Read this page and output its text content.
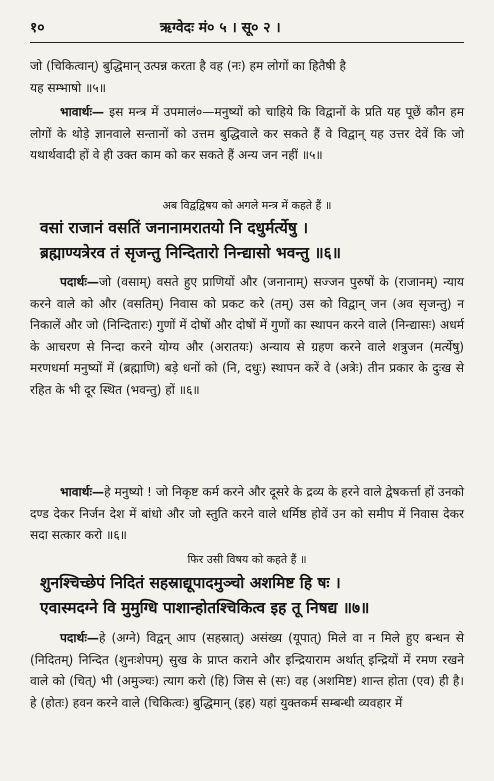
१०	ऋग्वेदः मं० ५ । सू० २ ।

जो (चिकित्वान्) बुद्धिमान् उत्पन्न करता है वह (नः) हम लोगों का हितैषी है

यह सम्भाषो ॥५॥

भावार्थः— इस मन्त्र में उपमालं०—मनुष्यों को चाहिये कि विद्वानों के प्रति यह पूछें कौन हम लोगों के थोड़े ज्ञानवाले सन्तानों को उत्तम बुद्धिवाले कर सकते हैं वे विद्वान् यह उत्तर देवें कि जो यथार्थवादी हों वे ही उक्त काम को कर सकते हैं अन्य जन नहीं ॥५॥

अब विद्वद्विषय को अगले मन्त्र में कहते हैं ॥
वसां राजानं वसतिं जनानामरातयो नि दधुर्मर्त्येषु ।
ब्रह्माण्यत्रेरव तं सृजन्तु निन्दितारो निन्द्यासो भवन्तु ॥६॥

पदार्थः—जो (वसाम्) वसते हुए प्राणियों और (जनानाम्) सज्जन पुरुषों के (राजानम्) न्याय करने वाले को और (वसतिम्) निवास को प्रकट करे (तम्) उस को विद्वान् जन (अव सृजन्तु) न निकालें और जो (निन्दितारः) गुणों में दोषों और दोषों में गुणों का स्थापन करने वाले (निन्द्यासः) अधर्म के आचरण से निन्दा करने योग्य और (अरातयः) अन्याय से ग्रहण करने वाले शत्रुजन (मर्त्येषु) मरणधर्मा मनुष्यों में (ब्रह्माणि) बड़े धनों को (नि, दधुः) स्थापन करें वे (अत्रेः) तीन प्रकार के दुःख से रहित के भी दूर स्थित (भवन्तु) हों ॥६॥

भावार्थः—हे मनुष्यो ! जो निकृष्ट कर्म करने और दूसरे के द्रव्य के हरने वाले द्वेषकर्त्ता हों उनको दण्ड देकर निर्जन देश में बांधो और जो स्तुति करने वाले धर्मिष्ठ होवें उन को समीप में निवास देकर सदा सत्कार करो ॥६॥

फिर उसी विषय को कहते हैं ॥
शुनश्चिच्छेपं निदितं सहस्राद्यूपादमुञ्चो अशमिष्ट हि षः ।
एवास्मदग्ने वि मुमुग्धि पाशान्होतश्चिकित्व इह तू निषद्य ॥७॥

पदार्थः—हे (अग्ने) विद्वन् आप (सहस्रात्) असंख्य (यूपात्) मिले वा न मिले हुए बन्धन से (निदितम्) निन्दित (शुनःशेपम्) सुख के प्राप्त कराने और इन्द्रियाराम अर्थात् इन्द्रियों में रमण रखने वाले को (चित्) भी (अमुञ्चः) त्याग करो (हि) जिस से (सः) वह (अशमिष्ट) शान्त होता (एव) ही है। हे (होतः) हवन करने वाले (चिकित्वः) बुद्धिमान् (इह) यहां युक्तकर्म सम्बन्धी व्यवहार में
